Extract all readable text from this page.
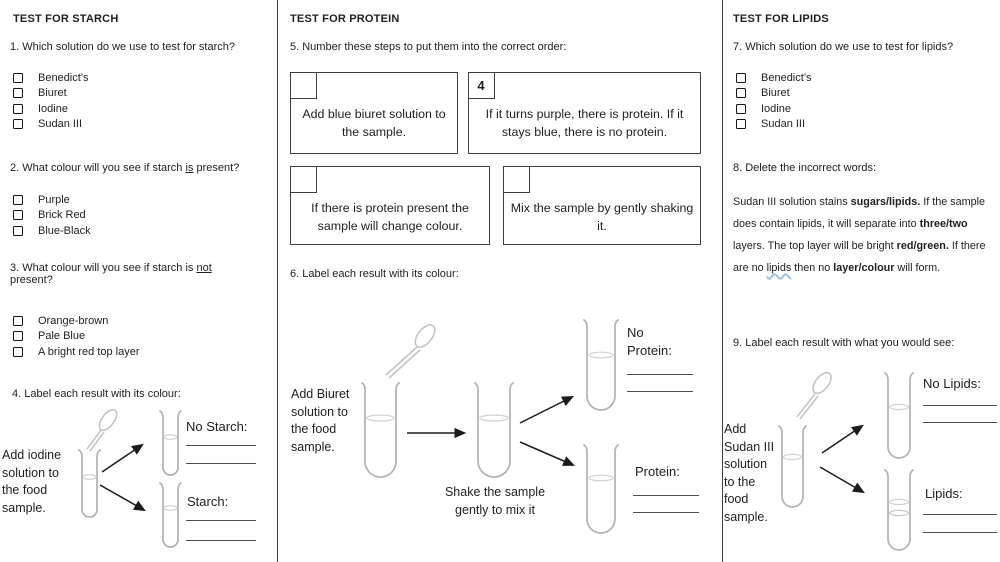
TEST FOR STARCH
1. Which solution do we use to test for starch?
Benedict’s
Biuret
Iodine
Sudan III
2. What colour will you see if starch is present?
Purple
Brick Red
Blue-Black
3. What colour will you see if starch is not present?
Orange-brown
Pale Blue
A bright red top layer
4. Label each result with its colour:
Add iodine solution to the food sample.
No Starch:
Starch:
TEST FOR PROTEIN
5. Number these steps to put them into the correct order:
Add blue biuret solution to the sample.
4
If it turns purple, there is protein. If it stays blue, there is no protein.
If there is protein present the sample will change colour.
Mix the sample by gently shaking it.
6. Label each result with its colour:
Add Biuret solution to the food sample.
No Protein:
Shake the sample gently to mix it
Protein:
TEST FOR LIPIDS
7. Which solution do we use to test for lipids?
Benedict’s
Biuret
Iodine
Sudan III
8. Delete the incorrect words:
Sudan III solution stains sugars/lipids. If the sample does contain lipids, it will separate into three/two layers. The top layer will be bright red/green. If there are no lipids then no layer/colour will form.
9. Label each result with what you would see:
Add Sudan III solution to the food sample.
No Lipids:
Lipids:
